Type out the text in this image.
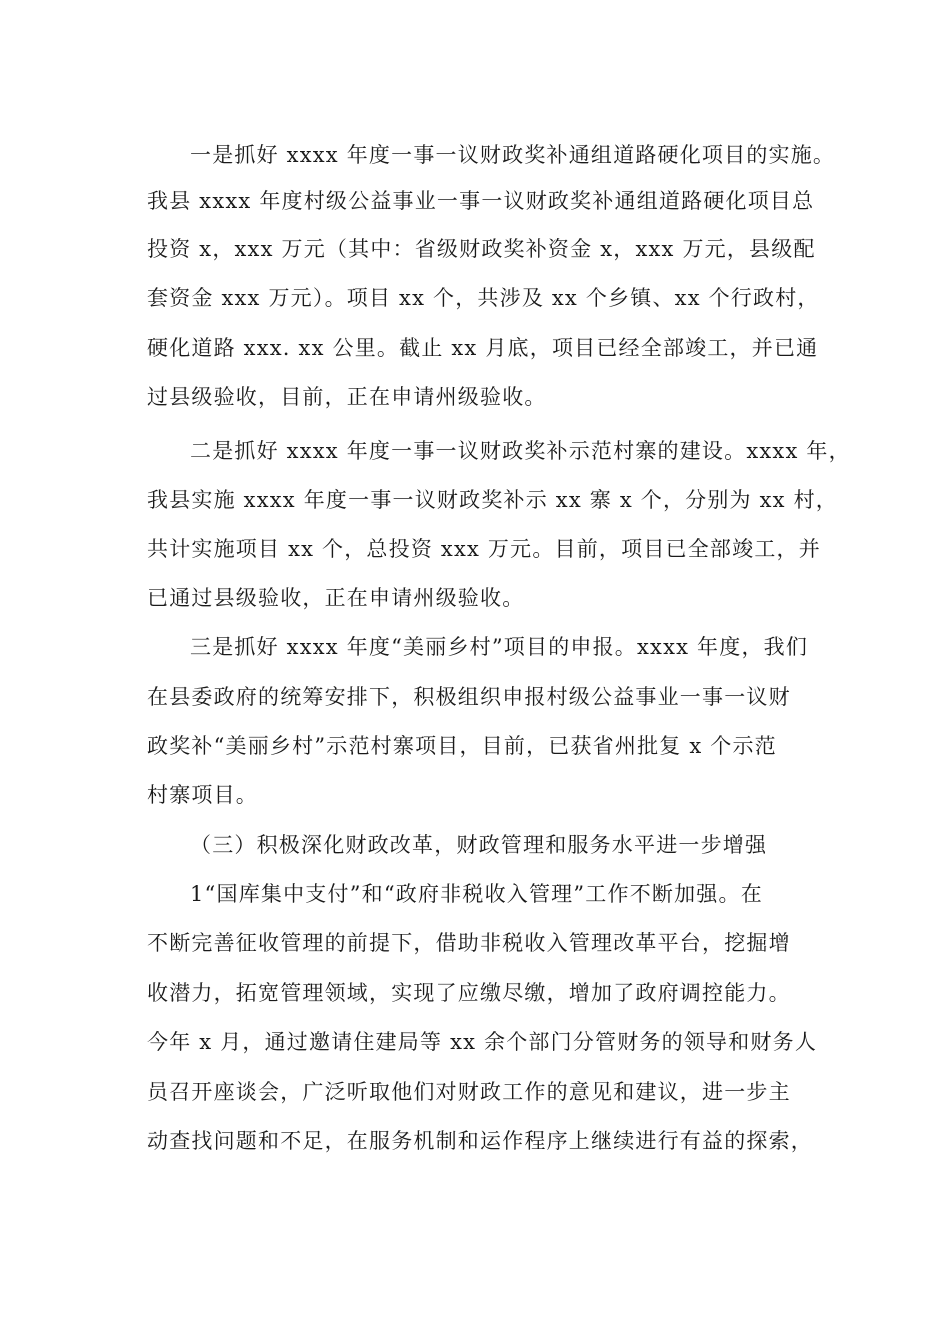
一是抓好 xxxx 年度一事一议财政奖补通组道路硬化项目的实施。
我县 xxxx 年度村级公益事业一事一议财政奖补通组道路硬化项目总
投资 x，xxx 万元（其中：省级财政奖补资金 x，xxx 万元，县级配
套资金 xxx 万元）。项目 xx 个，共涉及 xx 个乡镇、xx 个行政村，
硬化道路 xxx. xx 公里。截止 xx 月底，项目已经全部竣工，并已通
过县级验收，目前，正在申请州级验收。
二是抓好 xxxx 年度一事一议财政奖补示范村寨的建设。xxxx 年，
我县实施 xxxx 年度一事一议财政奖补示 xx 寨 x 个，分别为 xx 村，
共计实施项目 xx 个，总投资 xxx 万元。目前，项目已全部竣工，并
已通过县级验收，正在申请州级验收。
三是抓好 xxxx 年度“美丽乡村”项目的申报。xxxx 年度，我们
在县委政府的统筹安排下，积极组织申报村级公益事业一事一议财
政奖补“美丽乡村”示范村寨项目，目前，已获省州批复 x 个示范
村寨项目。
（三）积极深化财政改革，财政管理和服务水平进一步增强
1“国库集中支付”和“政府非税收入管理”工作不断加强。在
不断完善征收管理的前提下，借助非税收入管理改革平台，挖掘增
收潜力，拓宽管理领域，实现了应缴尽缴，增加了政府调控能力。
今年 x 月，通过邀请住建局等 xx 余个部门分管财务的领导和财务人
员召开座谈会，广泛听取他们对财政工作的意见和建议，进一步主
动查找问题和不足，在服务机制和运作程序上继续进行有益的探索，
